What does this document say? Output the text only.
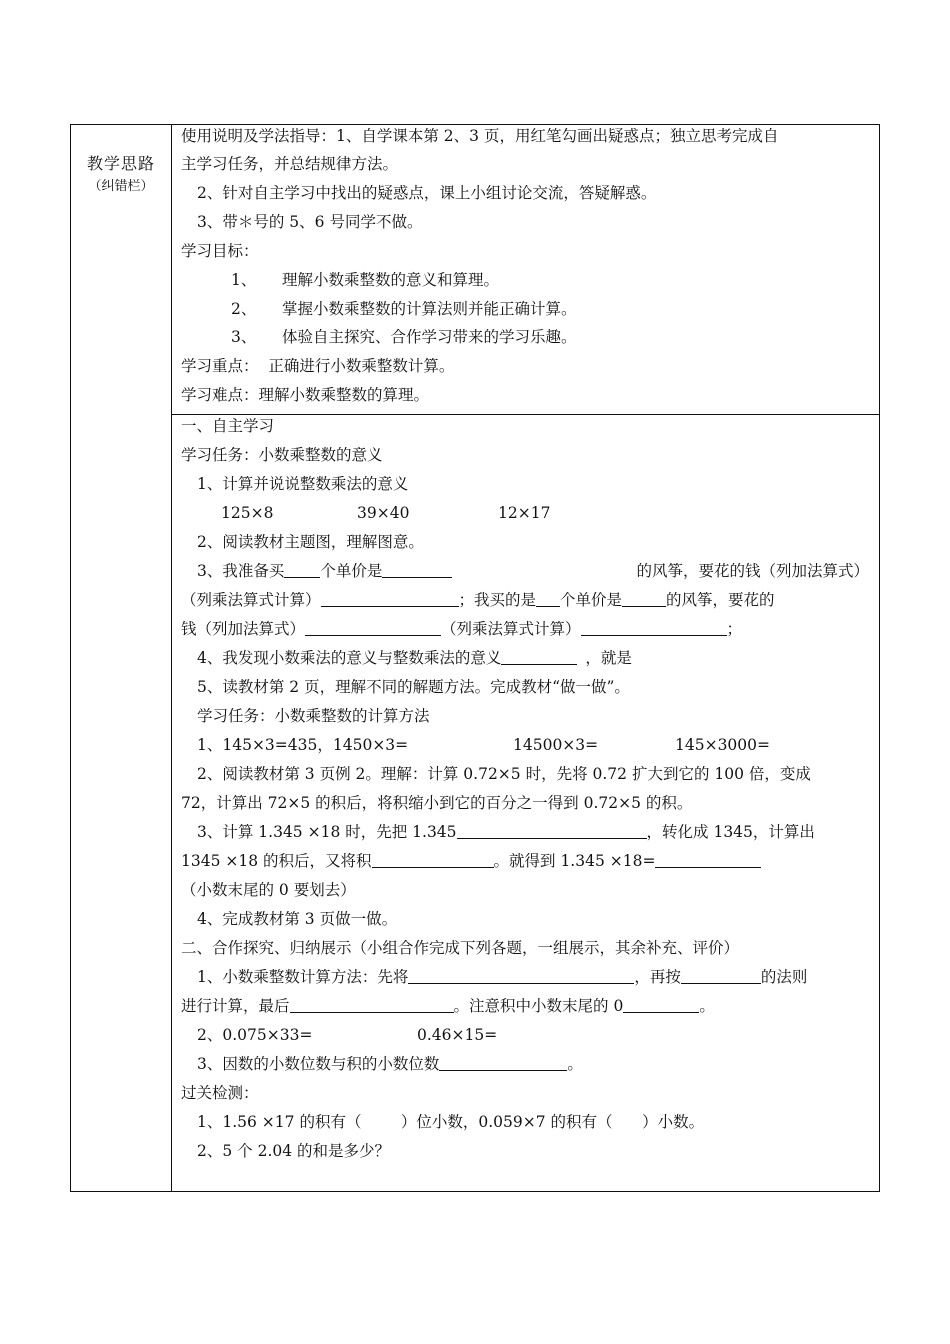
教学思路
（纠错栏）
使用说明及学法指导：1、自学课本第 2、3 页，用红笔勾画出疑惑点；独立思考完成自
主学习任务，并总结规律方法。
2、针对自主学习中找出的疑惑点，课上小组讨论交流，答疑解惑。
3、带＊号的 5、6 号同学不做。
学习目标：
1、 理解小数乘整数的意义和算理。
2、 掌握小数乘整数的计算法则并能正确计算。
3、 体验自主探究、合作学习带来的学习乐趣。
学习重点：  正确进行小数乘整数计算。
学习难点：理解小数乘整数的算理。
一、自主学习
学习任务：小数乘整数的意义
1、计算并说说整数乘法的意义
125×8	39×40	12×17
2、阅读教材主题图，理解图意。
3、我准备买 个单价是	的风筝，要花的钱（列加法算式）
（列乘法算式计算）	；我买的是 个单价是	的风筝，要花的
钱（列加法算式）	（列乘法算式计算）	；
4、我发现小数乘法的意义与整数乘法的意义	，就是
5、读教材第 2 页，理解不同的解题方法。完成教材“做一做”。
学习任务：小数乘整数的计算方法
1、145×3=435，1450×3=	14500×3=	145×3000=
2、阅读教材第 3 页例 2。理解：计算 0.72×5 时，先将 0.72 扩大到它的 100 倍，变成
72，计算出 72×5 的积后，将积缩小到它的百分之一得到 0.72×5 的积。
3、计算 1.345 ×18 时，先把 1.345	，转化成 1345，计算出
1345 ×18 的积后，又将积	。就得到 1.345 ×18=
（小数末尾的 0 要划去）
4、完成教材第 3 页做一做。
二、合作探究、归纳展示（小组合作完成下列各题，一组展示，其余补充、评价）
1、小数乘整数计算方法：先将	，再按	的法则
进行计算，最后	。注意积中小数末尾的 0	。
2、0.075×33=	0.46×15=
3、因数的小数位数与积的小数位数	。
过关检测：
1、1.56 ×17 的积有（        ）位小数，0.059×7 的积有（      ）小数。
2、5 个 2.04 的和是多少？
